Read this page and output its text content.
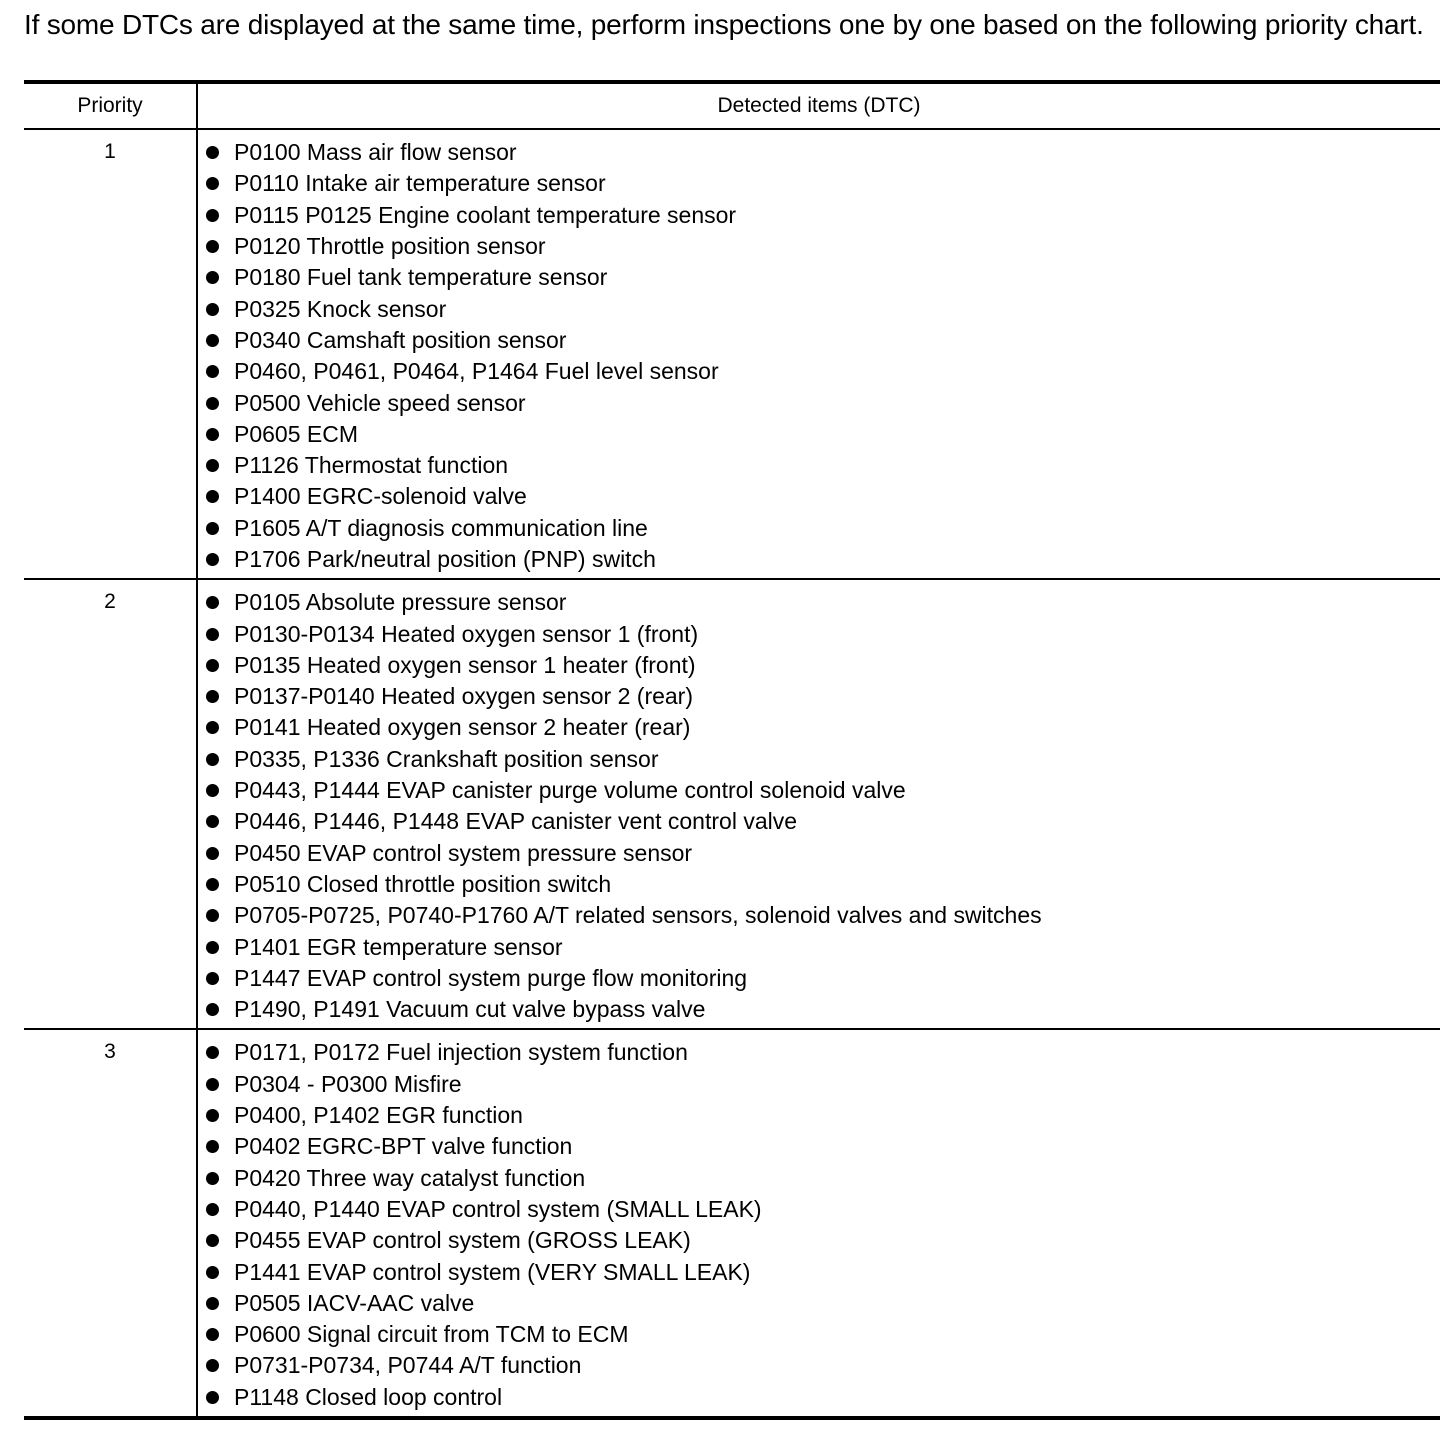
If some DTCs are displayed at the same time, perform inspections one by one based on the following priority chart.
Priority	Detected items (DTC)
1	P0100 Mass air flow sensor
P0110 Intake air temperature sensor
P0115 P0125 Engine coolant temperature sensor
P0120 Throttle position sensor
P0180 Fuel tank temperature sensor
P0325 Knock sensor
P0340 Camshaft position sensor
P0460, P0461, P0464, P1464 Fuel level sensor
P0500 Vehicle speed sensor
P0605 ECM
P1126 Thermostat function
P1400 EGRC-solenoid valve
P1605 A/T diagnosis communication line
P1706 Park/neutral position (PNP) switch
2	P0105 Absolute pressure sensor
P0130-P0134 Heated oxygen sensor 1 (front)
P0135 Heated oxygen sensor 1 heater (front)
P0137-P0140 Heated oxygen sensor 2 (rear)
P0141 Heated oxygen sensor 2 heater (rear)
P0335, P1336 Crankshaft position sensor
P0443, P1444 EVAP canister purge volume control solenoid valve
P0446, P1446, P1448 EVAP canister vent control valve
P0450 EVAP control system pressure sensor
P0510 Closed throttle position switch
P0705-P0725, P0740-P1760 A/T related sensors, solenoid valves and switches
P1401 EGR temperature sensor
P1447 EVAP control system purge flow monitoring
P1490, P1491 Vacuum cut valve bypass valve
3	P0171, P0172 Fuel injection system function
P0304 - P0300 Misfire
P0400, P1402 EGR function
P0402 EGRC-BPT valve function
P0420 Three way catalyst function
P0440, P1440 EVAP control system (SMALL LEAK)
P0455 EVAP control system (GROSS LEAK)
P1441 EVAP control system (VERY SMALL LEAK)
P0505 IACV-AAC valve
P0600 Signal circuit from TCM to ECM
P0731-P0734, P0744 A/T function
P1148 Closed loop control
